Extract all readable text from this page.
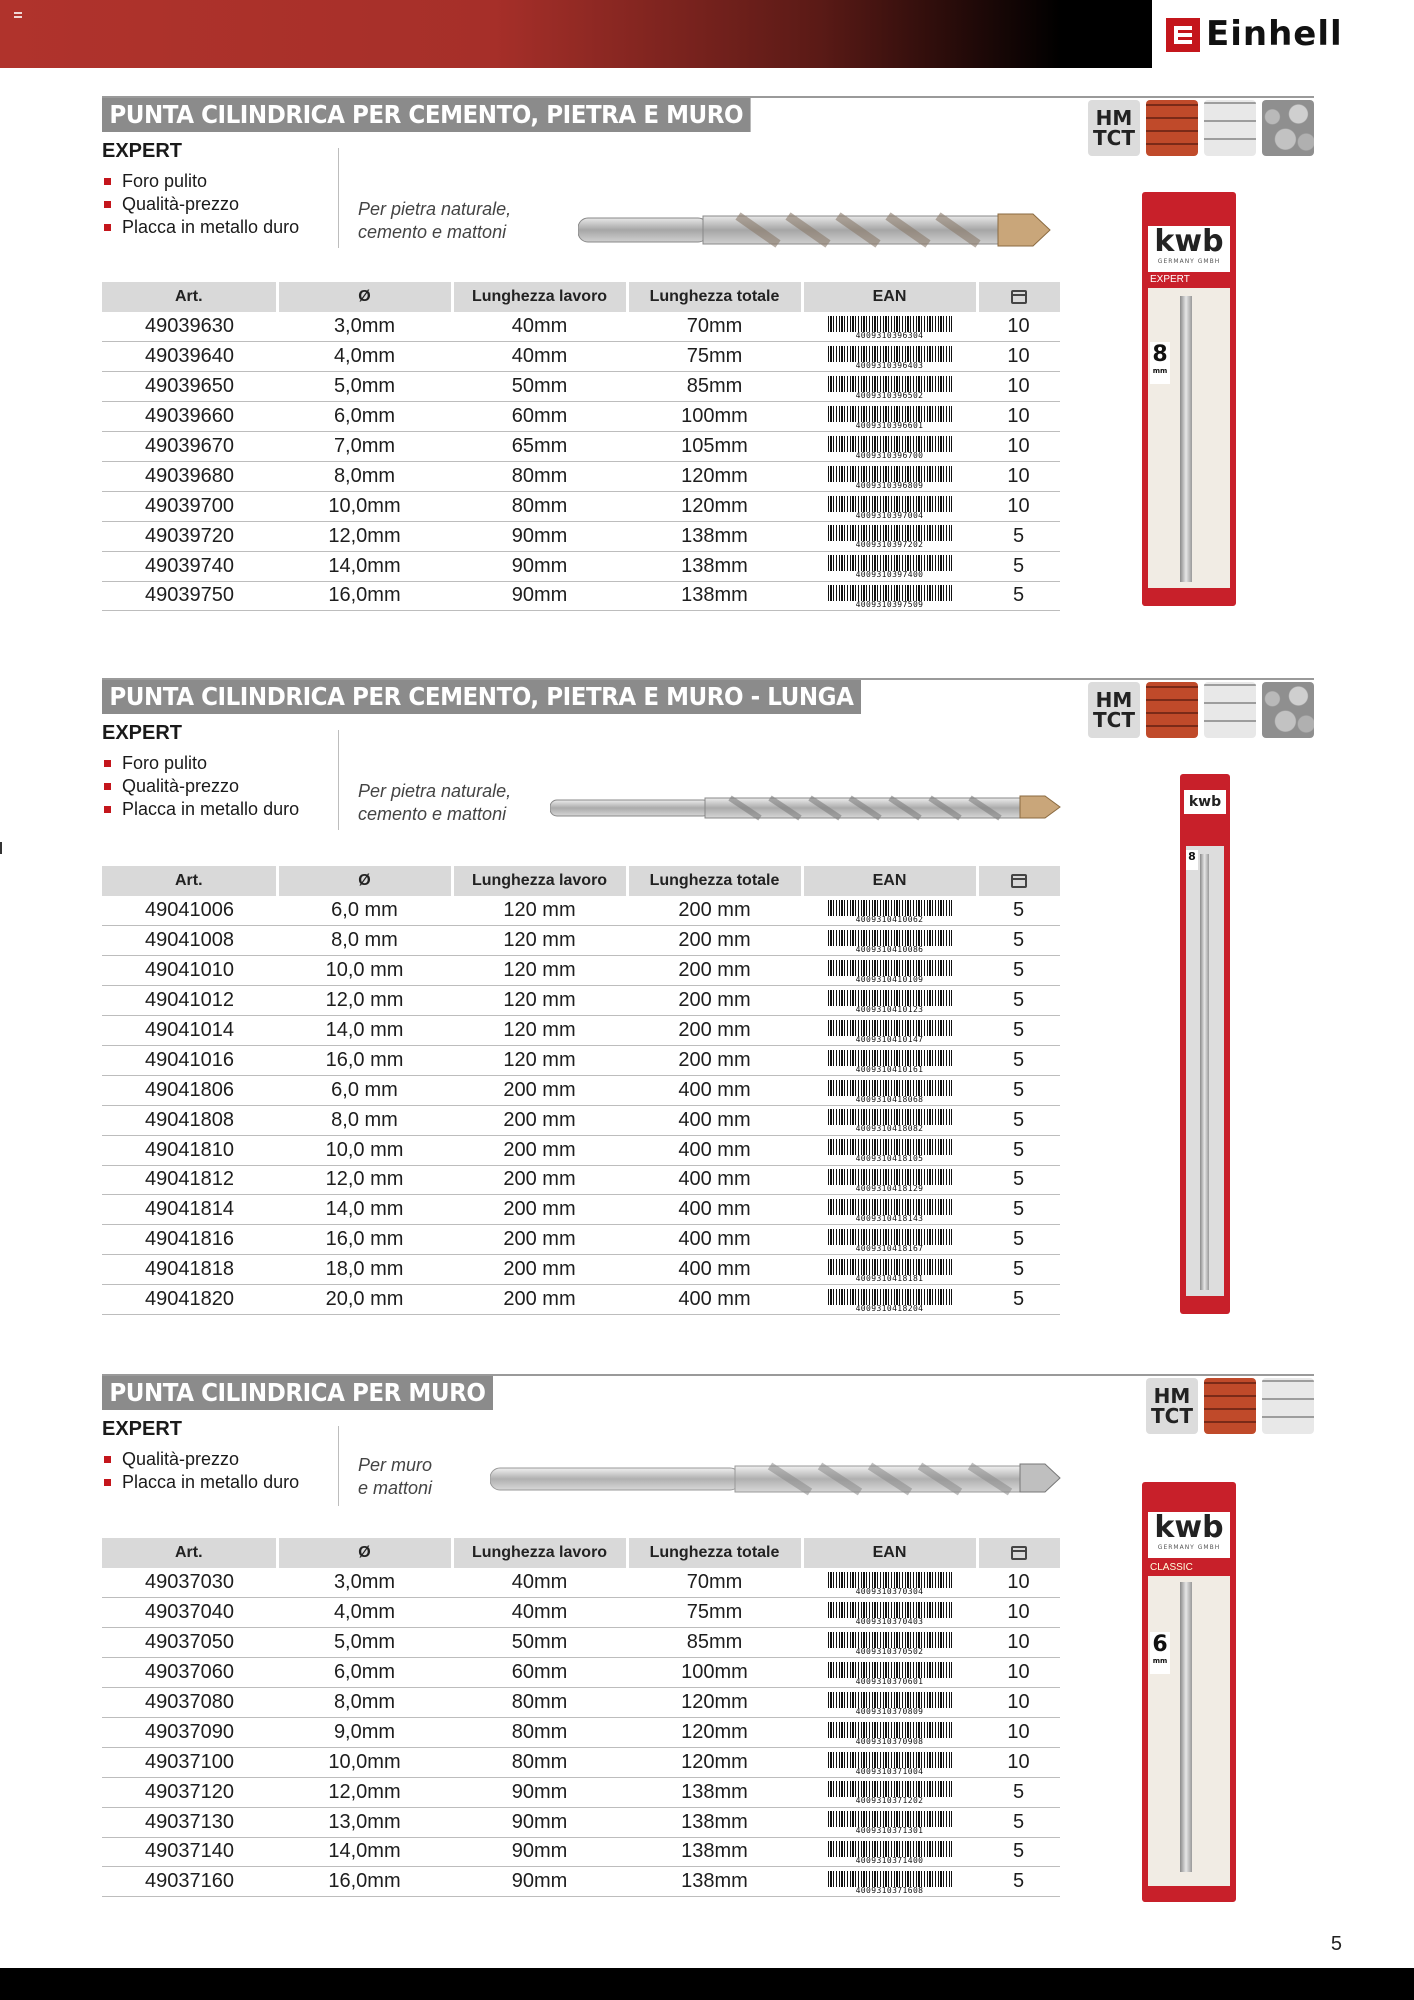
Einhell
PUNTA CILINDRICA PER CEMENTO, PIETRA E MURO	HM
TCT
EXPERT
Foro pulito
Qualità-prezzo
Placca in metallo duro
Per pietra naturale,
cemento e mattoni
Art.	Ø	Lunghezza lavoro	Lunghezza totale	EAN	
49039630	3,0mm	40mm	70mm	4009310396304	10
49039640	4,0mm	40mm	75mm	4009310396403	10
49039650	5,0mm	50mm	85mm	4009310396502	10
49039660	6,0mm	60mm	100mm	4009310396601	10
49039670	7,0mm	65mm	105mm	4009310396700	10
49039680	8,0mm	80mm	120mm	4009310396809	10
49039700	10,0mm	80mm	120mm	4009310397004	10
49039720	12,0mm	90mm	138mm	4009310397202	5
49039740	14,0mm	90mm	138mm	4009310397400	5
49039750	16,0mm	90mm	138mm	4009310397509	5
kwb
GERMANY GMBH
EXPERT
8
mm
PUNTA CILINDRICA PER CEMENTO, PIETRA E MURO - LUNGA	HM
TCT
EXPERT
Foro pulito
Qualità-prezzo
Placca in metallo duro
Per pietra naturale,
cemento e mattoni
Art.	Ø	Lunghezza lavoro	Lunghezza totale	EAN	
49041006	6,0 mm	120 mm	200 mm	4009310410062	5
49041008	8,0 mm	120 mm	200 mm	4009310410086	5
49041010	10,0 mm	120 mm	200 mm	4009310410109	5
49041012	12,0 mm	120 mm	200 mm	4009310410123	5
49041014	14,0 mm	120 mm	200 mm	4009310410147	5
49041016	16,0 mm	120 mm	200 mm	4009310410161	5
49041806	6,0 mm	200 mm	400 mm	4009310418068	5
49041808	8,0 mm	200 mm	400 mm	4009310418082	5
49041810	10,0 mm	200 mm	400 mm	4009310418105	5
49041812	12,0 mm	200 mm	400 mm	4009310418129	5
49041814	14,0 mm	200 mm	400 mm	4009310418143	5
49041816	16,0 mm	200 mm	400 mm	4009310418167	5
49041818	18,0 mm	200 mm	400 mm	4009310418181	5
49041820	20,0 mm	200 mm	400 mm	4009310418204	5
kwb
8
PUNTA CILINDRICA PER MURO	HM
TCT
EXPERT
Qualità-prezzo
Placca in metallo duro
Per muro
e mattoni
Art.	Ø	Lunghezza lavoro	Lunghezza totale	EAN	
49037030	3,0mm	40mm	70mm	4009310370304	10
49037040	4,0mm	40mm	75mm	4009310370403	10
49037050	5,0mm	50mm	85mm	4009310370502	10
49037060	6,0mm	60mm	100mm	4009310370601	10
49037080	8,0mm	80mm	120mm	4009310370809	10
49037090	9,0mm	80mm	120mm	4009310370908	10
49037100	10,0mm	80mm	120mm	4009310371004	10
49037120	12,0mm	90mm	138mm	4009310371202	5
49037130	13,0mm	90mm	138mm	4009310371301	5
49037140	14,0mm	90mm	138mm	4009310371400	5
49037160	16,0mm	90mm	138mm	4009310371608	5
kwb
GERMANY GMBH
CLASSIC
6
mm
5
